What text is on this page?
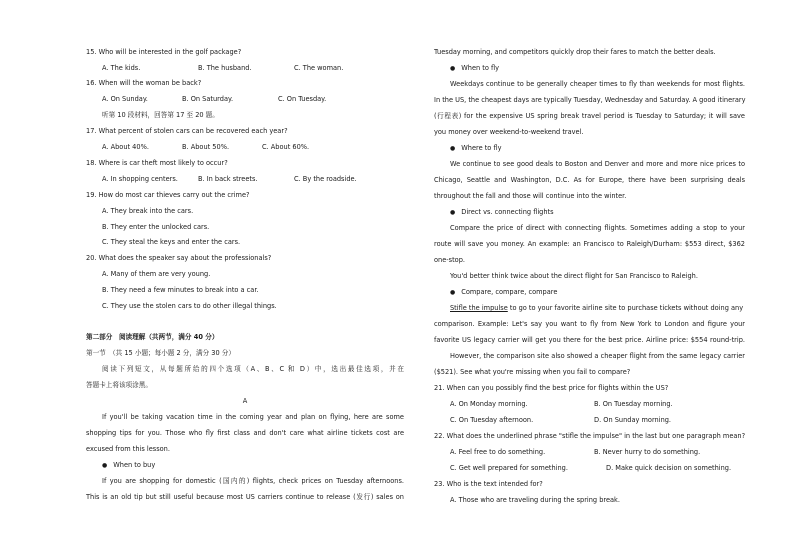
15. Who will be interested in the golf package?
A. The kids.	B. The husband.	C. The woman.
16. When will the woman be back?
A. On Sunday.	B. On Saturday.	C. On Tuesday.
听第 10 段材料，回答第 17 至 20 题。
17. What percent of stolen cars can be recovered each year?
A. About 40%.	B. About 50%.	C. About 60%.
18. Where is car theft most likely to occur?
A. In shopping centers.	B. In back streets.	C. By the roadside.
19. How do most car thieves carry out the crime?
A. They break into the cars.
B. They enter the unlocked cars.
C. They steal the keys and enter the cars.
20. What does the speaker say about the professionals?
A. Many of them are very young.
B. They need a few minutes to break into a car.
C. They use the stolen cars to do other illegal things.
第二部分　阅读理解（共两节，满分 40 分）
第一节　（共 15 小题；每小题 2 分，满分 30 分）
阅读下列短文，从每题所给的四个选项（A、B、C 和 D）中，选出最佳选项，并在
答题卡上将该项涂黑。
A
If you'll be taking vacation time in the coming year and plan on flying, here are some
shopping tips for you. Those who fly first class and don't care what airline tickets cost are
excused from this lesson.
● When to buy
If you are shopping for domestic (国内的) flights, check prices on Tuesday afternoons.
This is an old tip but still useful because most US carriers continue to release (发行) sales on
Tuesday morning, and competitors quickly drop their fares to match the better deals.
● When to fly
Weekdays continue to be generally cheaper times to fly than weekends for most flights.
In the US, the cheapest days are typically Tuesday, Wednesday and Saturday. A good itinerary
(行程表) for the expensive US spring break travel period is Tuesday to Saturday; it will save
you money over weekend-to-weekend travel.
● Where to fly
We continue to see good deals to Boston and Denver and more and more nice prices to
Chicago, Seattle and Washington, D.C. As for Europe, there have been surprising deals
throughout the fall and those will continue into the winter.
● Direct vs. connecting flights
Compare the price of direct with connecting flights. Sometimes adding a stop to your
route will save you money. An example: an Francisco to Raleigh/Durham: $553 direct, $362
one-stop.
You'd better think twice about the direct flight for San Francisco to Raleigh.
● Compare, compare, compare
Stifle the impulse to go to your favorite airline site to purchase tickets without doing any
comparison. Example: Let's say you want to fly from New York to London and figure your
favorite US legacy carrier will get you there for the best price. Airline price: $554 round-trip.
However, the comparison site also showed a cheaper flight from the same legacy carrier
($521). See what you're missing when you fail to compare?
21. When can you possibly find the best price for flights within the US?
A. On Monday morning.	B. On Tuesday morning.
C. On Tuesday afternoon.	D. On Sunday morning.
22. What does the underlined phrase "stifle the impulse" in the last but one paragraph mean?
A. Feel free to do something.	B. Never hurry to do something.
C. Get well prepared for something.	D. Make quick decision on something.
23. Who is the text intended for?
A. Those who are traveling during the spring break.
